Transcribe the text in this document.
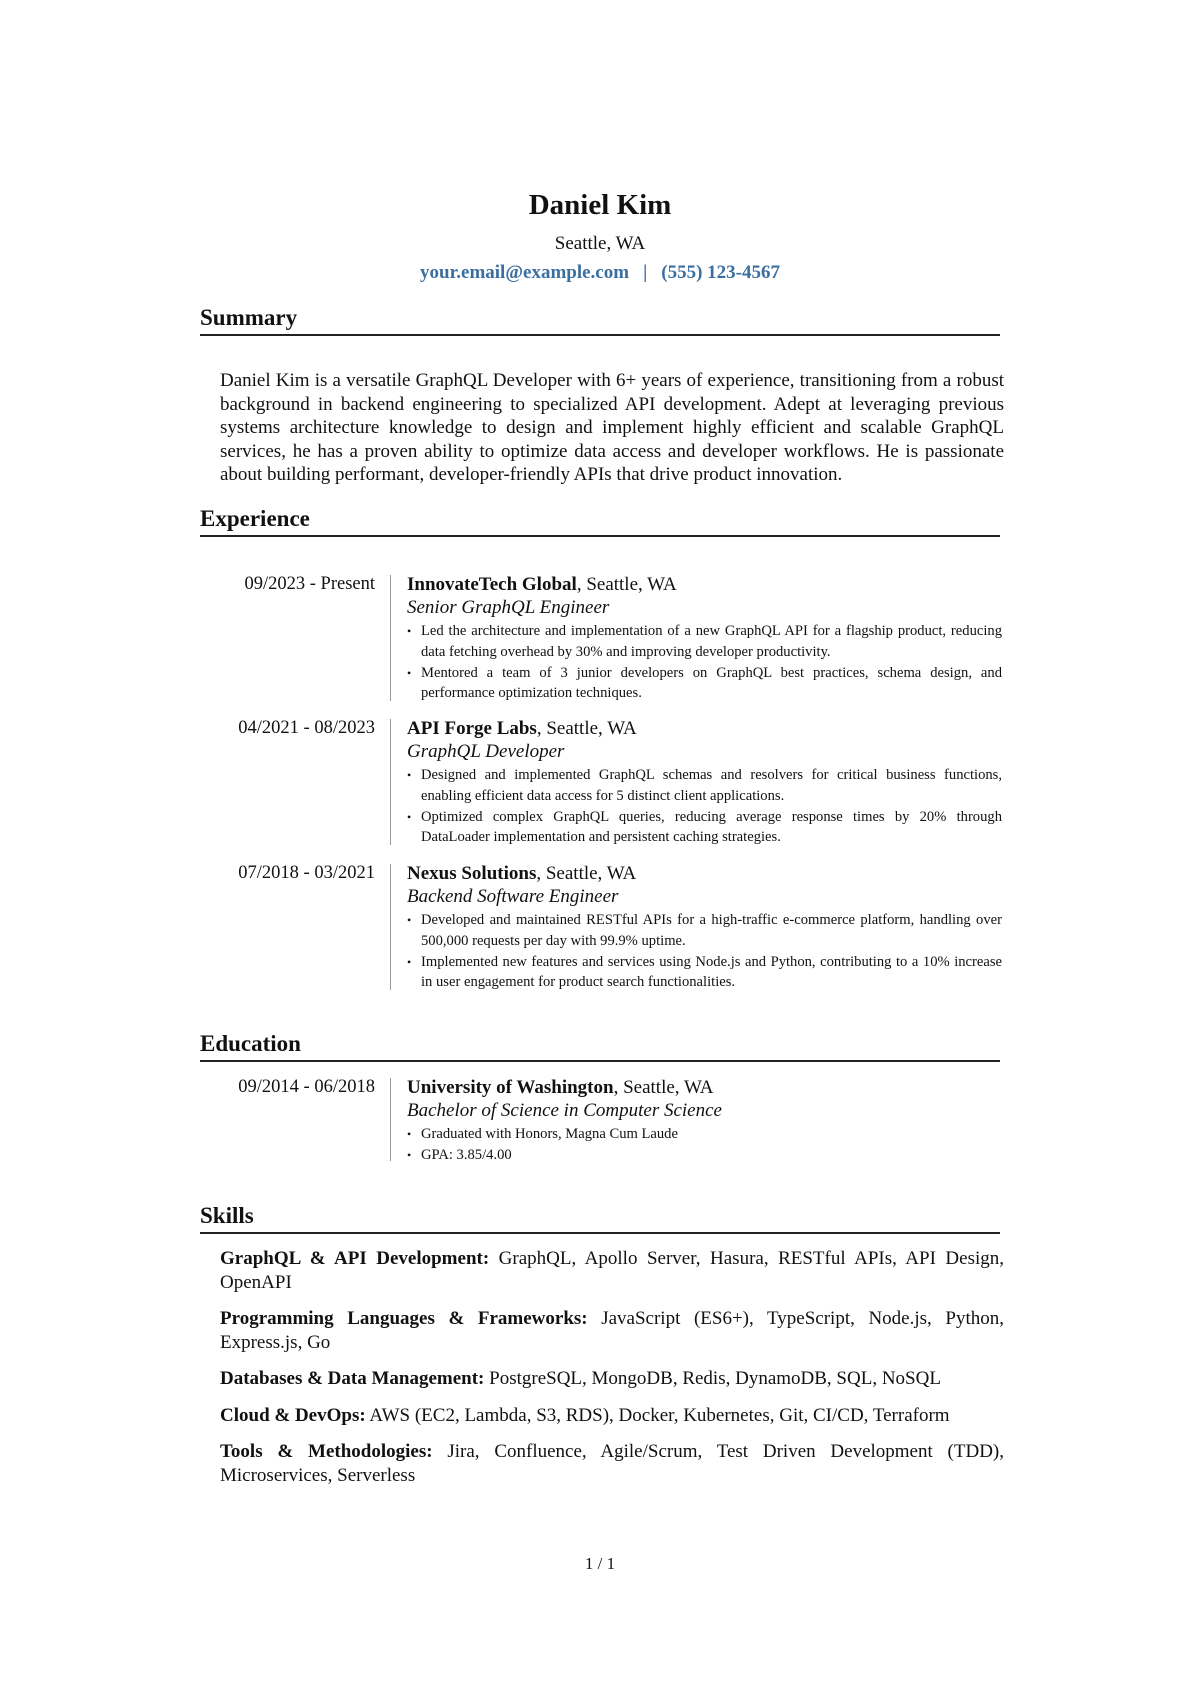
Daniel Kim
Seattle, WA
your.email@example.com | (555) 123-4567
Summary
Daniel Kim is a versatile GraphQL Developer with 6+ years of experience, transitioning from a robust background in backend engineering to specialized API development. Adept at leveraging previous systems architecture knowledge to design and implement highly efficient and scalable GraphQL services, he has a proven ability to optimize data access and developer workflows. He is passionate about building performant, developer-friendly APIs that drive product innovation.
Experience
09/2023 - Present InnovateTech Global, Seattle, WA
Senior GraphQL Engineer
• Led the architecture and implementation of a new GraphQL API for a flagship product, reducing data fetching overhead by 30% and improving developer productivity.
• Mentored a team of 3 junior developers on GraphQL best practices, schema design, and performance optimization techniques.
04/2021 - 08/2023 API Forge Labs, Seattle, WA
GraphQL Developer
• Designed and implemented GraphQL schemas and resolvers for critical business functions, enabling efficient data access for 5 distinct client applications.
• Optimized complex GraphQL queries, reducing average response times by 20% through DataLoader implementation and persistent caching strategies.
07/2018 - 03/2021 Nexus Solutions, Seattle, WA
Backend Software Engineer
• Developed and maintained RESTful APIs for a high-traffic e-commerce platform, handling over 500,000 requests per day with 99.9% uptime.
• Implemented new features and services using Node.js and Python, contributing to a 10% increase in user engagement for product search functionalities.
Education
09/2014 - 06/2018 University of Washington, Seattle, WA
Bachelor of Science in Computer Science
• Graduated with Honors, Magna Cum Laude
• GPA: 3.85/4.00
Skills
GraphQL & API Development: GraphQL, Apollo Server, Hasura, RESTful APIs, API Design, OpenAPI
Programming Languages & Frameworks: JavaScript (ES6+), TypeScript, Node.js, Python, Express.js, Go
Databases & Data Management: PostgreSQL, MongoDB, Redis, DynamoDB, SQL, NoSQL
Cloud & DevOps: AWS (EC2, Lambda, S3, RDS), Docker, Kubernetes, Git, CI/CD, Terraform
Tools & Methodologies: Jira, Confluence, Agile/Scrum, Test Driven Development (TDD), Microservices, Serverless
1 / 1
